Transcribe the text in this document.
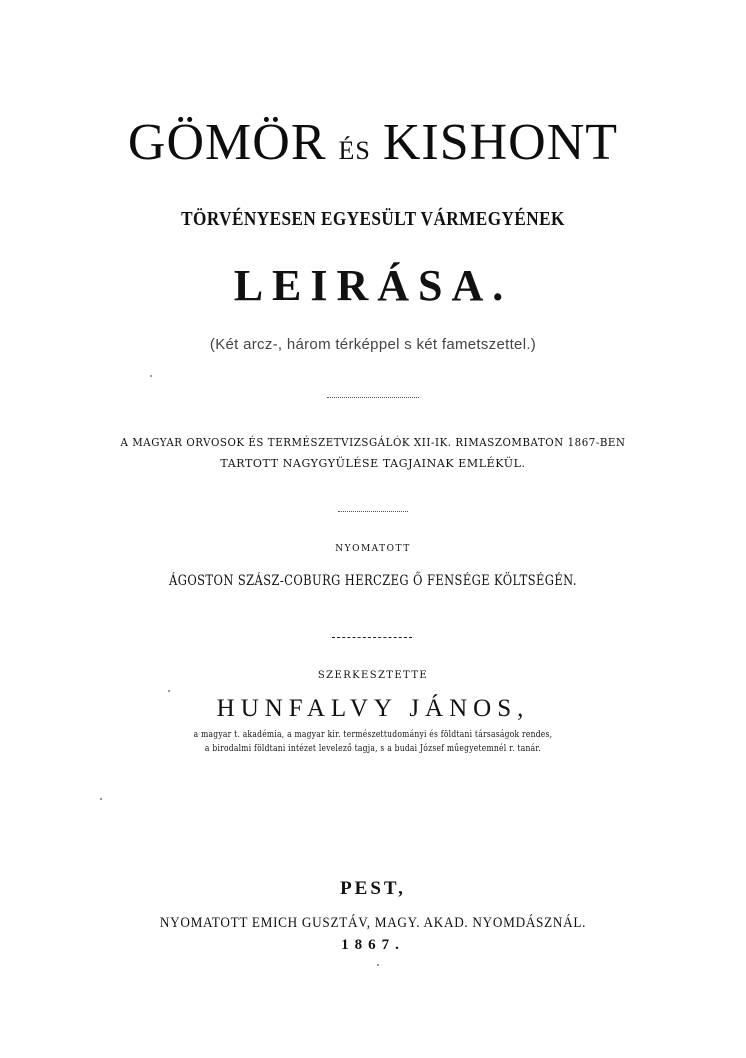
GÖMÖR ÉS KISHONT
TÖRVÉNYESEN EGYESÜLT VÁRMEGYÉNEK
LEIRÁSA.
(Két arcz-, három térképpel s két fametszettel.)
A MAGYAR ORVOSOK ÉS TERMÉSZETVIZSGÁLÓK XII-IK. RIMASZOMBATON 1867-BEN
TARTOTT NAGYGYÜLÉSE TAGJAINAK EMLÉKÜL.
NYOMATOTT
ÁGOSTON SZÁSZ-COBURG HERCZEG Ő FENSÉGE KÖLTSÉGÉN.
SZERKESZTETTE
HUNFALVY JÁNOS,
a magyar t. akadémia, a magyar kir. természettudományi és földtani társaságok rendes,
a birodalmi földtani intézet levelező tagja, s a budai József műegyetemnél r. tanár.
PEST,
NYOMATOTT EMICH GUSZTÁV, MAGY. AKAD. NYOMDÁSZNÁL.
1867.
